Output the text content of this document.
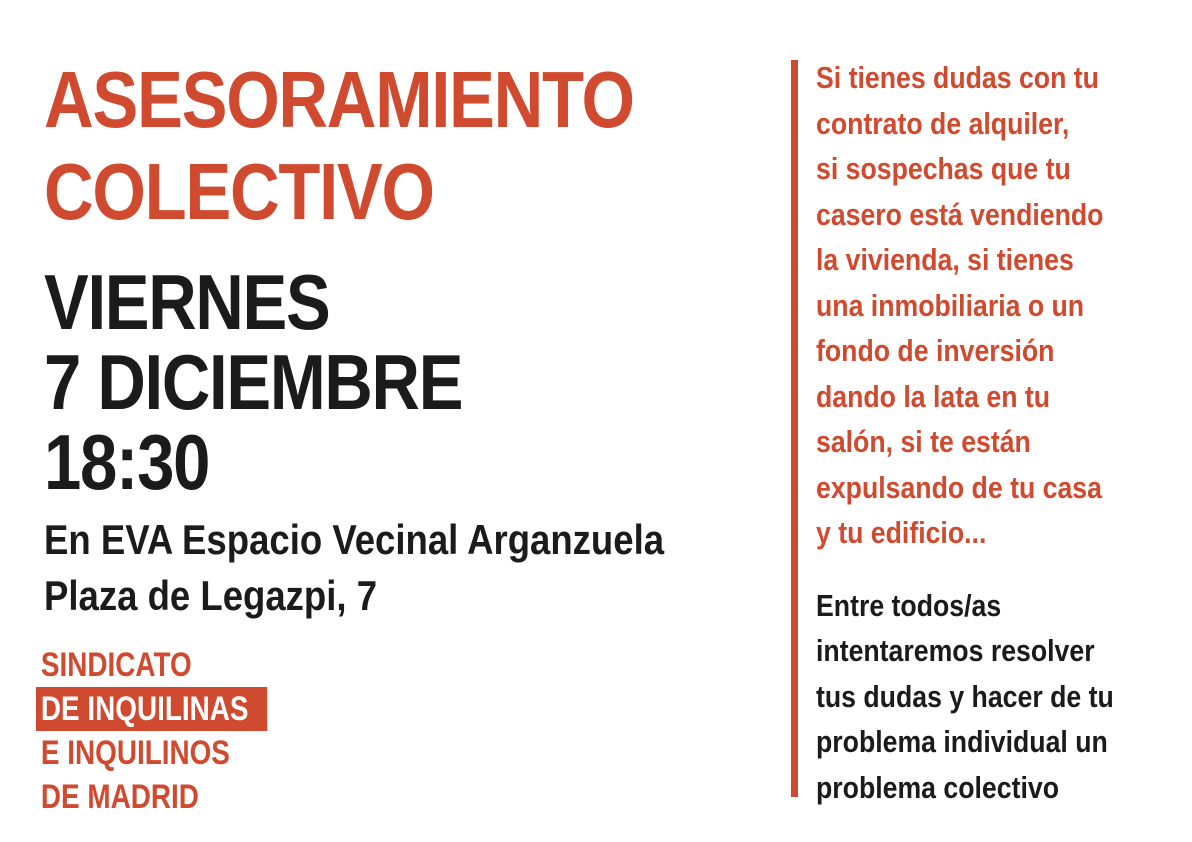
ASESORAMIENTO
COLECTIVO
VIERNES
7 DICIEMBRE
18:30
En EVA Espacio Vecinal Arganzuela
Plaza de Legazpi, 7
SINDICATO
DE INQUILINAS
E INQUILINOS
DE MADRID
Si tienes dudas con tu
contrato de alquiler,
si sospechas que tu
casero está vendiendo
la vivienda, si tienes
una inmobiliaria o un
fondo de inversión
dando la lata en tu
salón, si te están
expulsando de tu casa
y tu edificio...
Entre todos/as
intentaremos resolver
tus dudas y hacer de tu
problema individual un
problema colectivo
